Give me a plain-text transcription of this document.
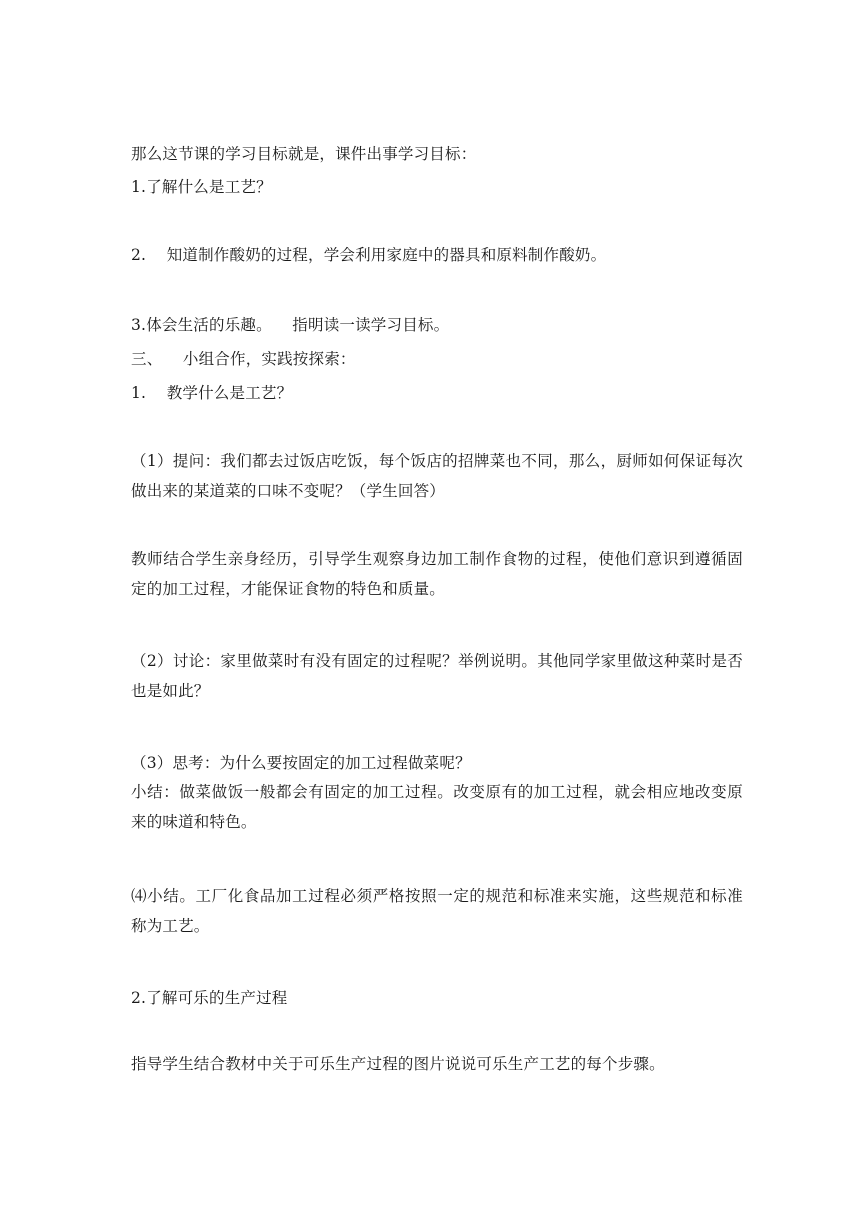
那么这节课的学习目标就是，课件出事学习目标：
1.了解什么是工艺？
2.    知道制作酸奶的过程，学会利用家庭中的器具和原料制作酸奶。
3.体会生活的乐趣。    指明读一读学习目标。
三、    小组合作，实践按探索：
1.    教学什么是工艺？
（1）提问：我们都去过饭店吃饭，每个饭店的招牌菜也不同，那么，厨师如何保证每次做出来的某道菜的口味不变呢？（学生回答）
教师结合学生亲身经历，引导学生观察身边加工制作食物的过程，使他们意识到遵循固定的加工过程，才能保证食物的特色和质量。
（2）讨论：家里做菜时有没有固定的过程呢？举例说明。其他同学家里做这种菜时是否也是如此？
（3）思考：为什么要按固定的加工过程做菜呢？
小结：做菜做饭一般都会有固定的加工过程。改变原有的加工过程，就会相应地改变原来的味道和特色。
⑷小结。工厂化食品加工过程必须严格按照一定的规范和标准来实施，这些规范和标准称为工艺。
2.了解可乐的生产过程
指导学生结合教材中关于可乐生产过程的图片说说可乐生产工艺的每个步骤。
